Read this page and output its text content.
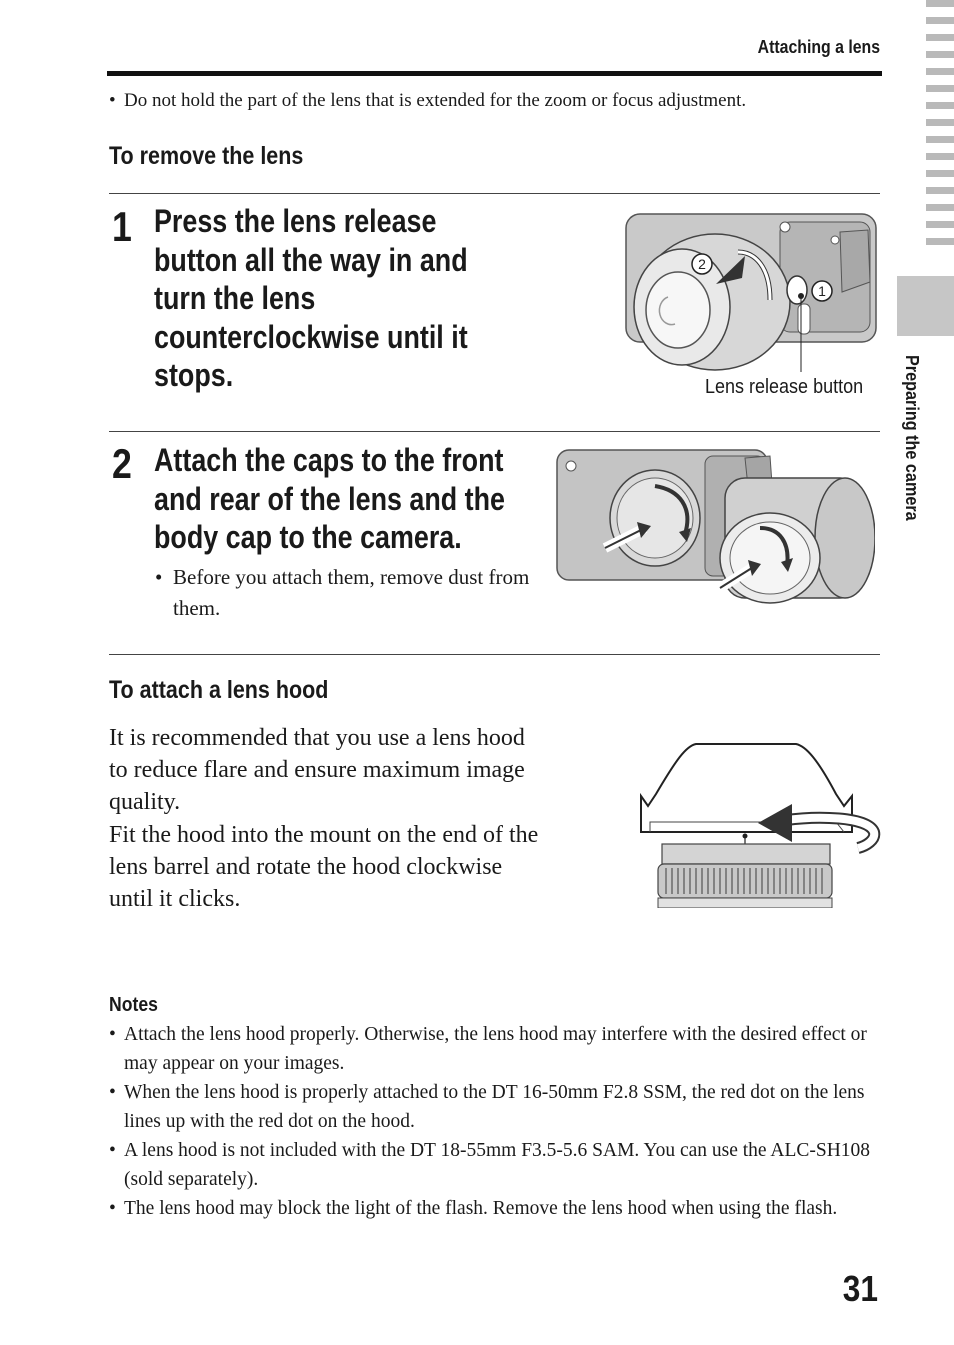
Attaching a lens
• Do not hold the part of the lens that is extended for the zoom or focus adjustment.
To remove the lens
1 Press the lens release button all the way in and turn the lens counterclockwise until it stops.
2
1
Lens release button
2 Attach the caps to the front and rear of the lens and the body cap to the camera.
• Before you attach them, remove dust from them.
To attach a lens hood
It is recommended that you use a lens hood to reduce flare and ensure maximum image quality.
Fit the hood into the mount on the end of the lens barrel and rotate the hood clockwise until it clicks.
Notes
• Attach the lens hood properly. Otherwise, the lens hood may interfere with the desired effect or may appear on your images.
• When the lens hood is properly attached to the DT 16-50mm F2.8 SSM, the red dot on the lens lines up with the red dot on the hood.
• A lens hood is not included with the DT 18-55mm F3.5-5.6 SAM. You can use the ALC-SH108 (sold separately).
• The lens hood may block the light of the flash. Remove the lens hood when using the flash.
Preparing the camera
31
